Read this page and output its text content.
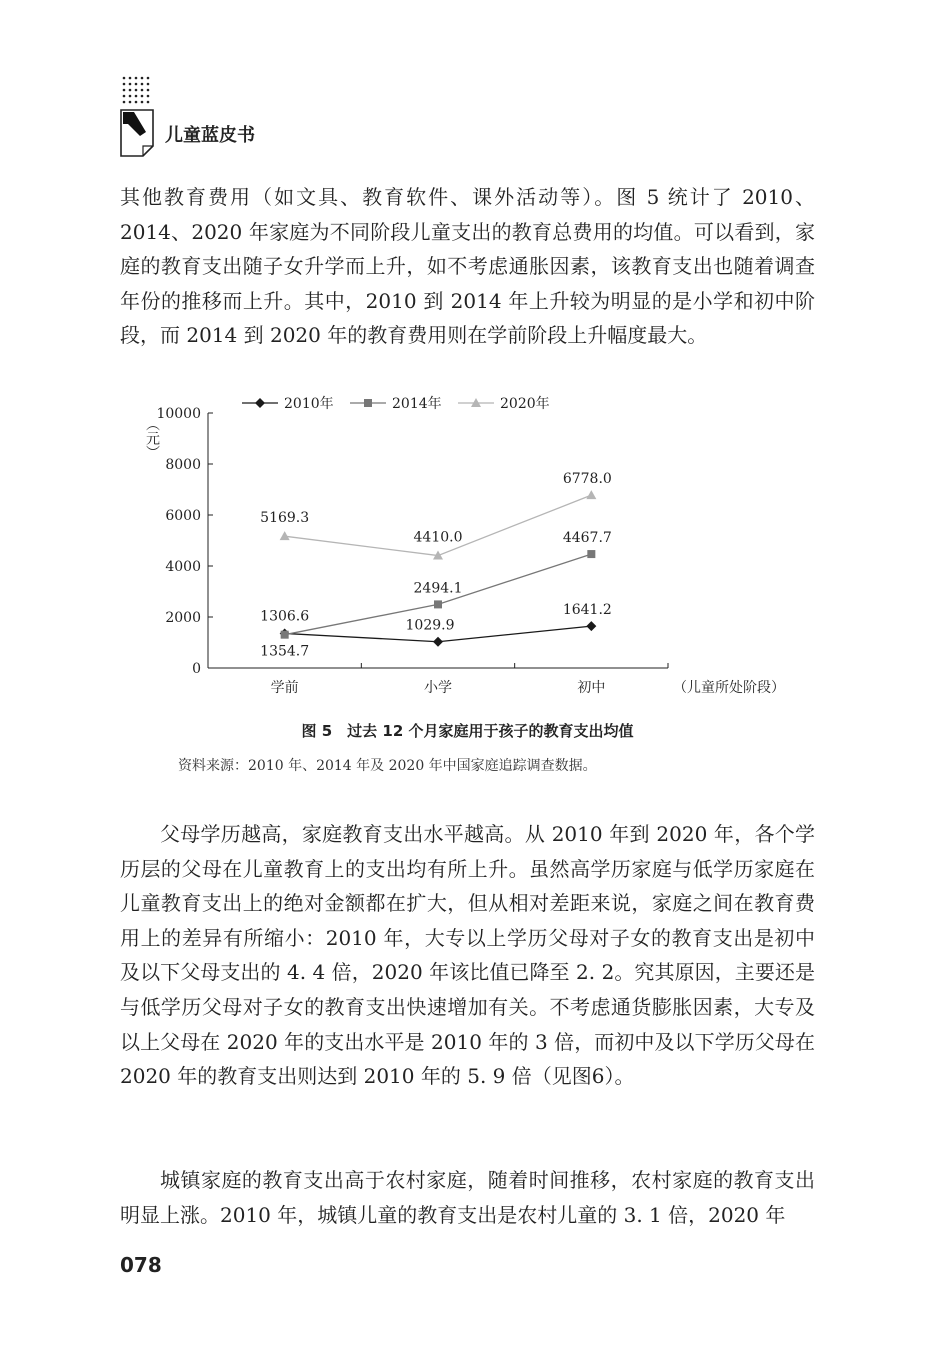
儿童蓝皮书

其他教育费用（如文具、教育软件、课外活动等）。图 5 统计了 2010、2014、2020 年家庭为不同阶段儿童支出的教育总费用的均值。可以看到，家庭的教育支出随子女升学而上升，如不考虑通胀因素，该教育支出也随着调查年份的推移而上升。其中，2010 到 2014 年上升较为明显的是小学和初中阶段，而 2014 到 2020 年的教育费用则在学前阶段上升幅度最大。

2010年	2014年	2020年
0
2000
4000
6000
8000
10000
学前	小学	初中
1354.7
1029.9
1641.2
1306.6
2494.1
4467.7
5169.3
4410.0
6778.0
（元）
（儿童所处阶段）
图 5　过去 12 个月家庭用于孩子的教育支出均值
资料来源：2010 年、2014 年及 2020 年中国家庭追踪调查数据。

父母学历越高，家庭教育支出水平越高。从 2010 年到 2020 年，各个学历层的父母在儿童教育上的支出均有所上升。虽然高学历家庭与低学历家庭在儿童教育支出上的绝对金额都在扩大，但从相对差距来说，家庭之间在教育费用上的差异有所缩小：2010 年，大专以上学历父母对子女的教育支出是初中及以下父母支出的 4. 4 倍，2020 年该比值已降至 2. 2。究其原因，主要还是与低学历父母对子女的教育支出快速增加有关。不考虑通货膨胀因素，大专及以上父母在 2020 年的支出水平是 2010 年的 3 倍，而初中及以下学历父母在 2020 年的教育支出则达到 2010 年的 5. 9 倍（见图6）。

城镇家庭的教育支出高于农村家庭，随着时间推移，农村家庭的教育支出明显上涨。2010 年，城镇儿童的教育支出是农村儿童的 3. 1 倍，2020 年

078
